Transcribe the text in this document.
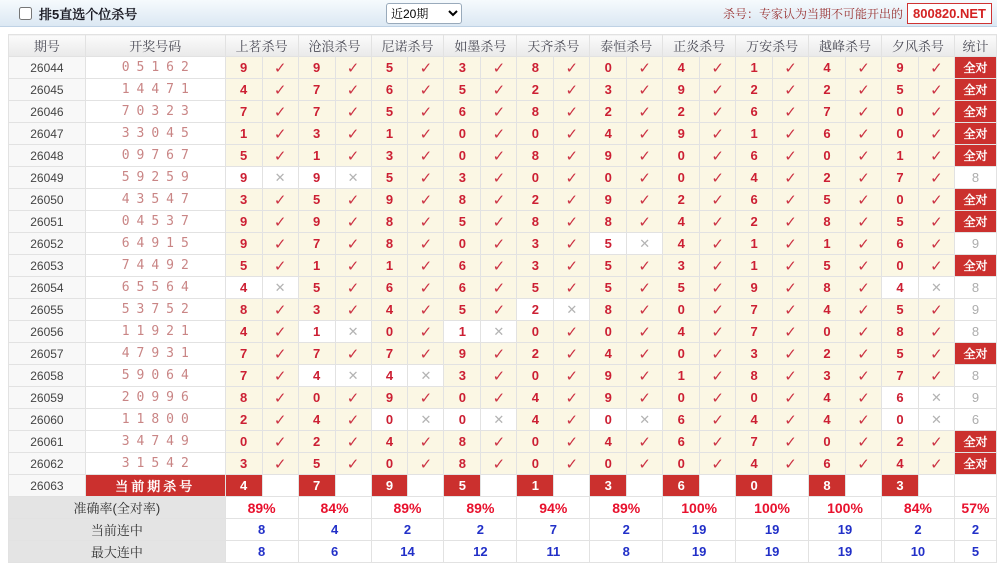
排5直选个位杀号
近20期	杀号：专家认为当期不可能开出的 800820.NET
期号	开奖号码	上茗杀号		沧浪杀号		尼诺杀号		如墨杀号		天齐杀号		泰恒杀号		正炎杀号		万安杀号		越峰杀号		夕风杀号		统计
26044	05162	9	✓	9	✓	5	✓	3	✓	8	✓	0	✓	4	✓	1	✓	4	✓	9	✓	全对
26045	14471	4	✓	7	✓	6	✓	5	✓	2	✓	3	✓	9	✓	2	✓	2	✓	5	✓	全对
26046	70323	7	✓	7	✓	5	✓	6	✓	8	✓	2	✓	2	✓	6	✓	7	✓	0	✓	全对
26047	33045	1	✓	3	✓	1	✓	0	✓	0	✓	4	✓	9	✓	1	✓	6	✓	0	✓	全对
26048	09767	5	✓	1	✓	3	✓	0	✓	8	✓	9	✓	0	✓	6	✓	0	✓	1	✓	全对
26049	59259	9	✕	9	✕	5	✓	3	✓	0	✓	0	✓	0	✓	4	✓	2	✓	7	✓	8
26050	43547	3	✓	5	✓	9	✓	8	✓	2	✓	9	✓	2	✓	6	✓	5	✓	0	✓	全对
26051	04537	9	✓	9	✓	8	✓	5	✓	8	✓	8	✓	4	✓	2	✓	8	✓	5	✓	全对
26052	64915	9	✓	7	✓	8	✓	0	✓	3	✓	5	✕	4	✓	1	✓	1	✓	6	✓	9
26053	74492	5	✓	1	✓	1	✓	6	✓	3	✓	5	✓	3	✓	1	✓	5	✓	0	✓	全对
26054	65564	4	✕	5	✓	6	✓	6	✓	5	✓	5	✓	5	✓	9	✓	8	✓	4	✕	8
26055	53752	8	✓	3	✓	4	✓	5	✓	2	✕	8	✓	0	✓	7	✓	4	✓	5	✓	9
26056	11921	4	✓	1	✕	0	✓	1	✕	0	✓	0	✓	4	✓	7	✓	0	✓	8	✓	8
26057	47931	7	✓	7	✓	7	✓	9	✓	2	✓	4	✓	0	✓	3	✓	2	✓	5	✓	全对
26058	59064	7	✓	4	✕	4	✕	3	✓	0	✓	9	✓	1	✓	8	✓	3	✓	7	✓	8
26059	20996	8	✓	0	✓	9	✓	0	✓	4	✓	9	✓	0	✓	0	✓	4	✓	6	✕	9
26060	11800	2	✓	4	✓	0	✕	0	✕	4	✓	0	✕	6	✓	4	✓	4	✓	0	✕	6
26061	34749	0	✓	2	✓	4	✓	8	✓	0	✓	4	✓	6	✓	7	✓	0	✓	2	✓	全对
26062	31542	3	✓	5	✓	0	✓	8	✓	0	✓	0	✓	0	✓	4	✓	6	✓	4	✓	全对
26063	当前期杀号	4		7		9		5		1		3		6		0		8		3		
准确率(全对率)		89%		84%		89%		89%		94%		89%		100%		100%		100%		84%		57%
当前连中		8		4		2		2		7		2		19		19		19		2		2
最大连中		8		6		14		12		11		8		19		19		19		10		5
